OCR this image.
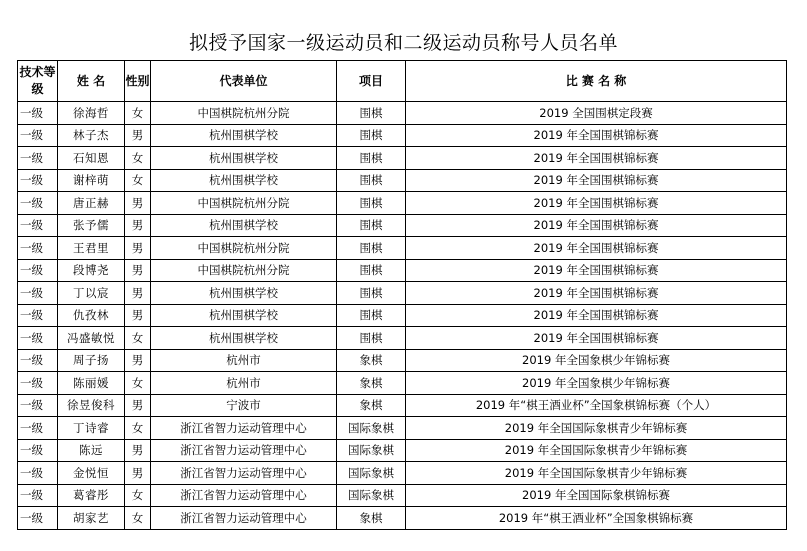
拟授予国家一级运动员和二级运动员称号人员名单
技术等级	姓 名	性别	代表单位	项目	比 赛 名 称
一级	徐海哲	女	中国棋院杭州分院	围棋	2019 全国围棋定段赛
一级	林子杰	男	杭州围棋学校	围棋	2019 年全国围棋锦标赛
一级	石知恩	女	杭州围棋学校	围棋	2019 年全国围棋锦标赛
一级	谢梓萌	女	杭州围棋学校	围棋	2019 年全国围棋锦标赛
一级	唐正赫	男	中国棋院杭州分院	围棋	2019 年全国围棋锦标赛
一级	张予儒	男	杭州围棋学校	围棋	2019 年全国围棋锦标赛
一级	王君里	男	中国棋院杭州分院	围棋	2019 年全国围棋锦标赛
一级	段博尧	男	中国棋院杭州分院	围棋	2019 年全国围棋锦标赛
一级	丁以宸	男	杭州围棋学校	围棋	2019 年全国围棋锦标赛
一级	仇孜林	男	杭州围棋学校	围棋	2019 年全国围棋锦标赛
一级	冯盛敏悦	女	杭州围棋学校	围棋	2019 年全国围棋锦标赛
一级	周子扬	男	杭州市	象棋	2019 年全国象棋少年锦标赛
一级	陈丽媛	女	杭州市	象棋	2019 年全国象棋少年锦标赛
一级	徐昱俊科	男	宁波市	象棋	2019 年“棋王酒业杯”全国象棋锦标赛（个人）
一级	丁诗睿	女	浙江省智力运动管理中心	国际象棋	2019 年全国国际象棋青少年锦标赛
一级	陈远	男	浙江省智力运动管理中心	国际象棋	2019 年全国国际象棋青少年锦标赛
一级	金悦恒	男	浙江省智力运动管理中心	国际象棋	2019 年全国国际象棋青少年锦标赛
一级	葛睿彤	女	浙江省智力运动管理中心	国际象棋	2019 年全国国际象棋锦标赛
一级	胡家艺	女	浙江省智力运动管理中心	象棋	2019 年“棋王酒业杯”全国象棋锦标赛
